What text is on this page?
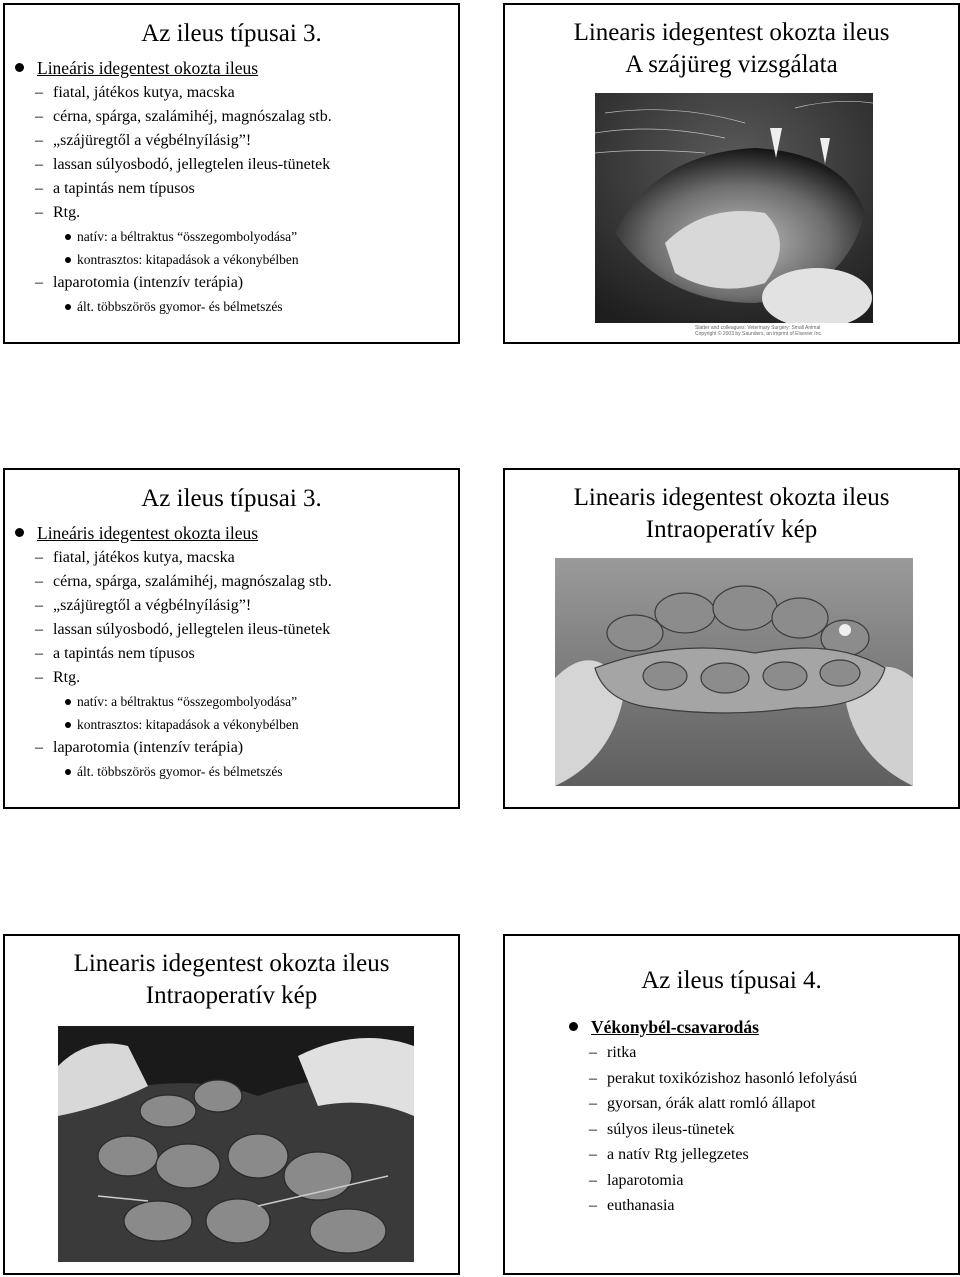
Az ileus típusai 3.
Lineáris idegentest okozta ileus
– fiatal, játékos kutya, macska
– cérna, spárga, szalámihéj, magnószalag stb.
– „szájüregtől a végbélnyílásig”!
– lassan súlyosbodó, jellegtelen ileus-tünetek
– a tapintás nem típusos
– Rtg.
natív: a béltraktus “összegombolyodása”
kontrasztos: kitapadások a vékonybélben
– laparotomia (intenzív terápia)
ált. többszörös gyomor- és bélmetszés
Linearis idegentest okozta ileus
A szájüreg vizsgálata
Slatter and colleagues: Veterinary Surgery: Small Animal
Copyright © 2003 by Saunders, an imprint of Elsevier Inc.
Az ileus típusai 3.
Lineáris idegentest okozta ileus
– fiatal, játékos kutya, macska
– cérna, spárga, szalámihéj, magnószalag stb.
– „szájüregtől a végbélnyílásig”!
– lassan súlyosbodó, jellegtelen ileus-tünetek
– a tapintás nem típusos
– Rtg.
natív: a béltraktus “összegombolyodása”
kontrasztos: kitapadások a vékonybélben
– laparotomia (intenzív terápia)
ált. többszörös gyomor- és bélmetszés
Linearis idegentest okozta ileus
Intraoperatív kép
Linearis idegentest okozta ileus
Intraoperatív kép
Az ileus típusai 4.
Vékonybél-csavarodás
– ritka
– perakut toxikózishoz hasonló lefolyású
– gyorsan, órák alatt romló állapot
– súlyos ileus-tünetek
– a natív Rtg jellegzetes
– laparotomia
– euthanasia
